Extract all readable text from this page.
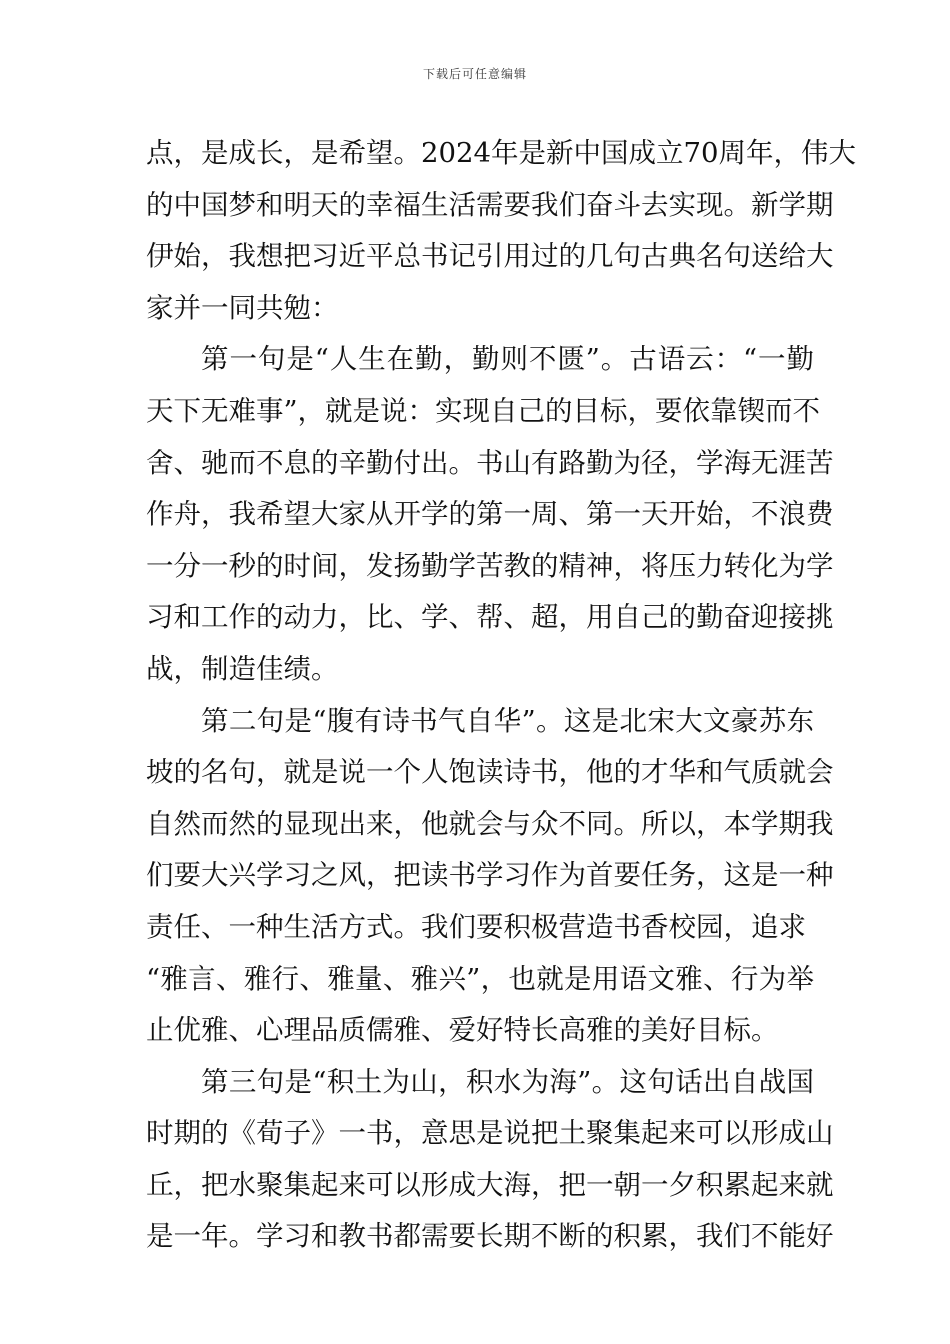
下载后可任意编辑
点，是成长，是希望。2024年是新中国成立70周年，伟大
的中国梦和明天的幸福生活需要我们奋斗去实现。新学期
伊始，我想把习近平总书记引用过的几句古典名句送给大
家并一同共勉：
第一句是“人生在勤，勤则不匮”。古语云：“一勤
天下无难事”，就是说：实现自己的目标，要依靠锲而不
舍、驰而不息的辛勤付出。书山有路勤为径，学海无涯苦
作舟，我希望大家从开学的第一周、第一天开始，不浪费
一分一秒的时间，发扬勤学苦教的精神，将压力转化为学
习和工作的动力，比、学、帮、超，用自己的勤奋迎接挑
战，制造佳绩。
第二句是“腹有诗书气自华”。这是北宋大文豪苏东
坡的名句，就是说一个人饱读诗书，他的才华和气质就会
自然而然的显现出来，他就会与众不同。所以，本学期我
们要大兴学习之风，把读书学习作为首要任务，这是一种
责任、一种生活方式。我们要积极营造书香校园，追求
“雅言、雅行、雅量、雅兴”，也就是用语文雅、行为举
止优雅、心理品质儒雅、爱好特长高雅的美好目标。
第三句是“积土为山，积水为海”。这句话出自战国
时期的《荀子》一书，意思是说把土聚集起来可以形成山
丘，把水聚集起来可以形成大海，把一朝一夕积累起来就
是一年。学习和教书都需要长期不断的积累，我们不能好
